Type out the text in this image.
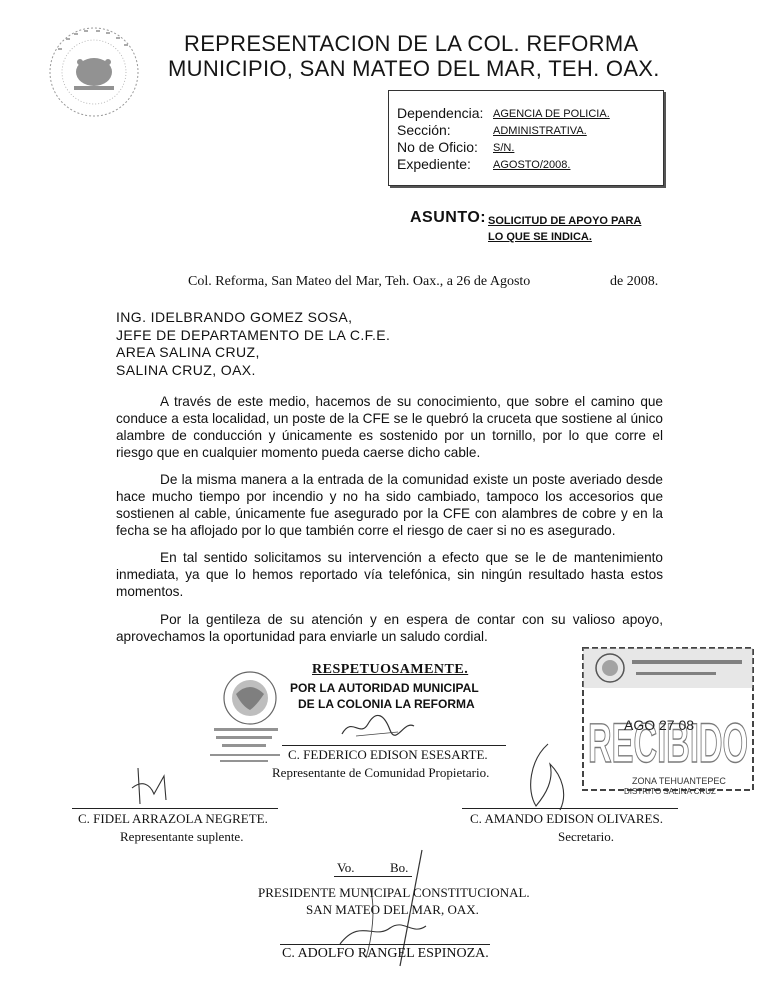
REPRESENTACION DE LA COL. REFORMA
MUNICIPIO, SAN MATEO DEL MAR, TEH. OAX.
Dependencia: AGENCIA DE POLICIA.
Sección:	ADMINISTRATIVA.
No de Oficio:	S/N.
Expediente:	AGOSTO/2008.
ASUNTO: SOLICITUD DE APOYO PARA
LO QUE SE INDICA.
Col. Reforma, San Mateo del Mar, Teh. Oax., a 26 de Agosto	de 2008.
ING. IDELBRANDO GOMEZ SOSA,
JEFE DE DEPARTAMENTO DE LA C.F.E.
AREA SALINA CRUZ,
SALINA CRUZ, OAX.
A través de este medio, hacemos de su conocimiento, que sobre el camino que conduce a esta localidad, un poste de la CFE se le quebró la cruceta que sostiene al único alambre de conducción y únicamente es sostenido por un tornillo, por lo que corre el riesgo que en cualquier momento pueda caerse dicho cable.
De la misma manera a la entrada de la comunidad existe un poste averiado desde hace mucho tiempo por incendio y no ha sido cambiado, tampoco los accesorios que sostienen al cable, únicamente fue asegurado por la CFE con alambres de cobre y en la fecha se ha aflojado por lo que también corre el riesgo de caer si no es asegurado.
En tal sentido solicitamos su intervención a efecto que se le de mantenimiento inmediata, ya que lo hemos reportado vía telefónica, sin ningún resultado hasta estos momentos.
Por la gentileza de su atención y en espera de contar con su valioso apoyo, aprovechamos la oportunidad para enviarle un saludo cordial.
RESPETUOSAMENTE.
POR LA AUTORIDAD MUNICIPAL
DE LA COLONIA LA REFORMA
C. FEDERICO EDISON ESESARTE.
Representante de Comunidad Propietario.
C. FIDEL ARRAZOLA NEGRETE.
Representante suplente.
C. AMANDO EDISON OLIVARES.
Secretario.
RECIBIDO
AGO 27 08
ZONA TEHUANTEPEC
DISTRITO SALINA CRUZ
Vo.	Bo.
PRESIDENTE MUNICIPAL CONSTITUCIONAL.
SAN MATEO DEL MAR, OAX.
C. ADOLFO RANGEL ESPINOZA.
